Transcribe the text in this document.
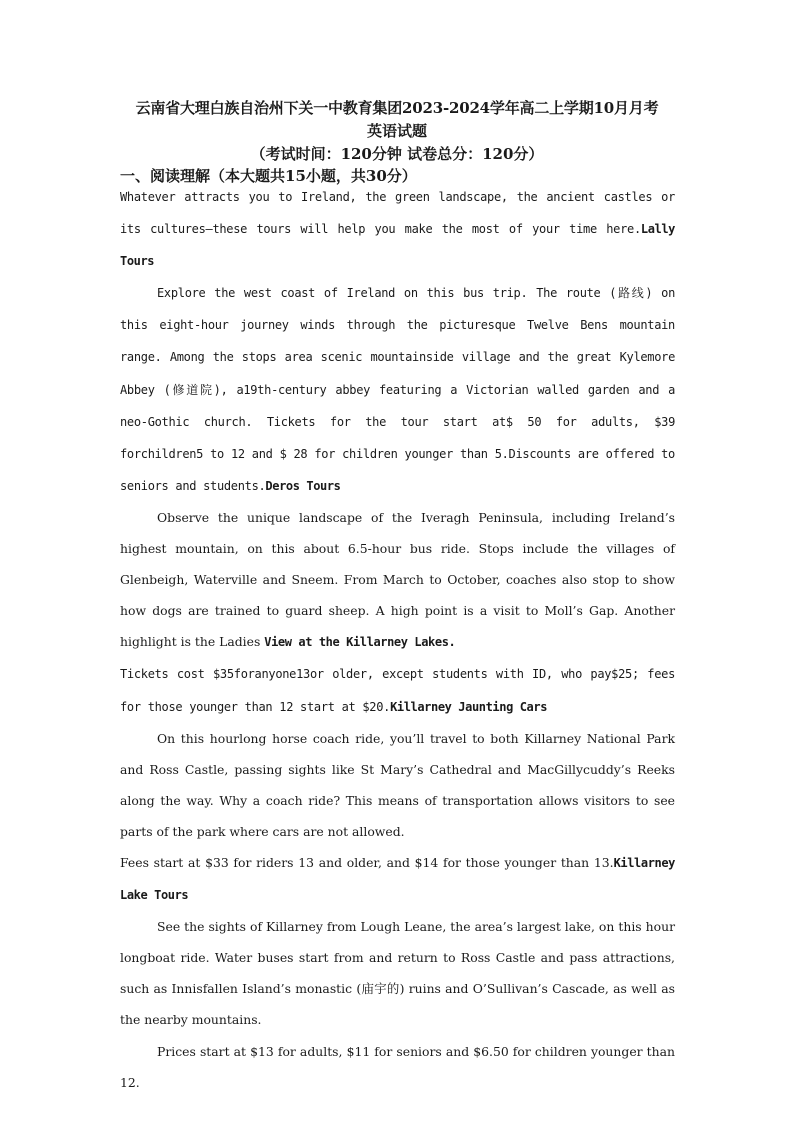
云南省大理白族自治州下关一中教育集团2023-2024学年高二上学期10月月考
英语试题
（考试时间：120分钟 试卷总分：120分）
一、阅读理解（本大题共15小题，共30分）

Whatever attracts you to Ireland, the green landscape, the ancient castles or its cultures—these tours will help you make the most of your time here.Lally Tours

Explore the west coast of Ireland on this bus trip. The route (路线) on this eight-hour journey winds through the picturesque Twelve Bens mountain range. Among the stops area scenic mountainside village and the great Kylemore Abbey (修道院), a19th-century abbey featuring a Victorian walled garden and a neo-Gothic church. Tickets for the tour start at$ 50 for adults, $39 forchildren5 to 12 and $ 28 for children younger than 5.Discounts are offered to seniors and students.Deros Tours

Observe the unique landscape of the Iveragh Peninsula, including Ireland’s highest mountain, on this about 6.5-hour bus ride. Stops include the villages of Glenbeigh, Waterville and Sneem. From March to October, coaches also stop to show how dogs are trained to guard sheep. A high point is a visit to Moll’s Gap. Another highlight is the Ladies View at the Killarney Lakes.

Tickets cost $35foranyone13or older, except students with ID, who pay$25; fees for those younger than 12 start at $20.Killarney Jaunting Cars

On this hourlong horse coach ride, you’ll travel to both Killarney National Park and Ross Castle, passing sights like St Mary’s Cathedral and MacGillycuddy’s Reeks along the way. Why a coach ride? This means of transportation allows visitors to see parts of the park where cars are not allowed.

Fees start at $33 for riders 13 and older, and $14 for those younger than 13.Killarney Lake Tours

See the sights of Killarney from Lough Leane, the area’s largest lake, on this hour longboat ride. Water buses start from and return to Ross Castle and pass attractions, such as Innisfallen Island’s monastic (庙宇的) ruins and O’Sullivan’s Cascade, as well as the nearby mountains.

Prices start at $13 for adults, $11 for seniors and $6.50 for children younger than 12.
